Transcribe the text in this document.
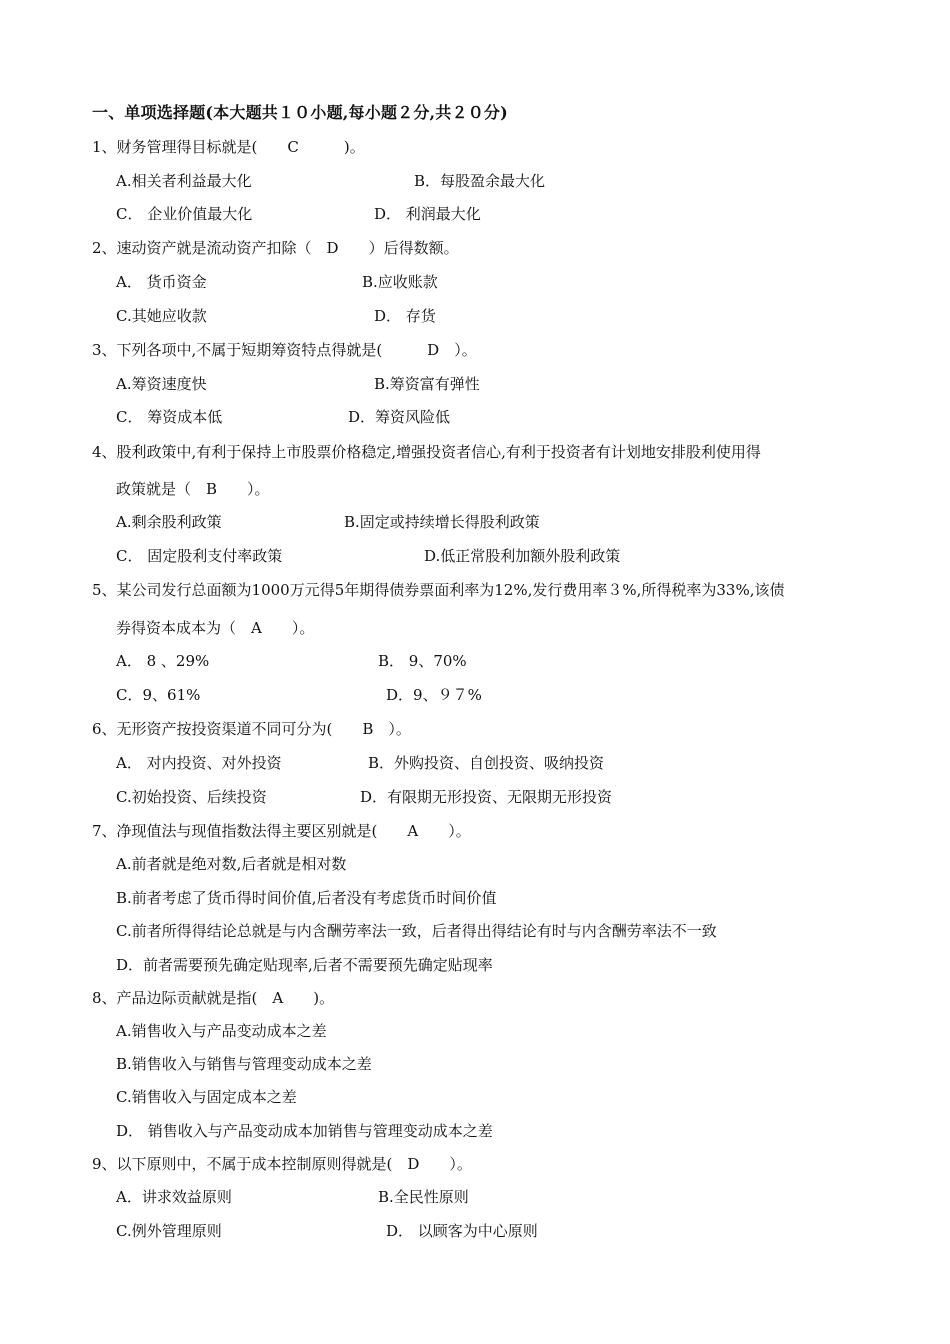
一、单项选择题(本大题共１０小题,每小题２分,共２０分)
1、财务管理得目标就是(　　C　　　)。
A.相关者利益最大化	B．每股盈余最大化
C． 企业价值最大化	D． 利润最大化
2、速动资产就是流动资产扣除（　D　　）后得数额。
A． 货币资金	B.应收账款
C.其她应收款	D． 存货
3、下列各项中,不属于短期筹资特点得就是(　　　D　）。
A.筹资速度快	B.筹资富有弹性
C． 筹资成本低	D．筹资风险低
4、股利政策中,有利于保持上市股票价格稳定,增强投资者信心,有利于投资者有计划地安排股利使用得
政策就是（　B　　）。
A.剩余股利政策	B.固定或持续增长得股利政策
C． 固定股利支付率政策	D.低正常股利加额外股利政策
5、某公司发行总面额为1000万元得5年期得债券票面利率为12%,发行费用率３%,所得税率为33%,该债
券得资本成本为（　A　　）。
A． 8 、29%	B． 9、70%
C．9、61%	D．9、９７%
6、无形资产按投资渠道不同可分为(　　B　）。
A． 对内投资、对外投资	B．外购投资、自创投资、吸纳投资
C.初始投资、后续投资	D．有限期无形投资、无限期无形投资
7、净现值法与现值指数法得主要区别就是(　　A　　）。
A.前者就是绝对数,后者就是相对数
B.前者考虑了货币得时间价值,后者没有考虑货币时间价值
C.前者所得得结论总就是与内含酬劳率法一致，后者得出得结论有时与内含酬劳率法不一致
D．前者需要预先确定贴现率,后者不需要预先确定贴现率
8、产品边际贡献就是指(　A　　)。
A.销售收入与产品变动成本之差
B.销售收入与销售与管理变动成本之差
C.销售收入与固定成本之差
D． 销售收入与产品变动成本加销售与管理变动成本之差
9、以下原则中，不属于成本控制原则得就是(　D　　）。
A．讲求效益原则	B.全民性原则
C.例外管理原则	D． 以顾客为中心原则
